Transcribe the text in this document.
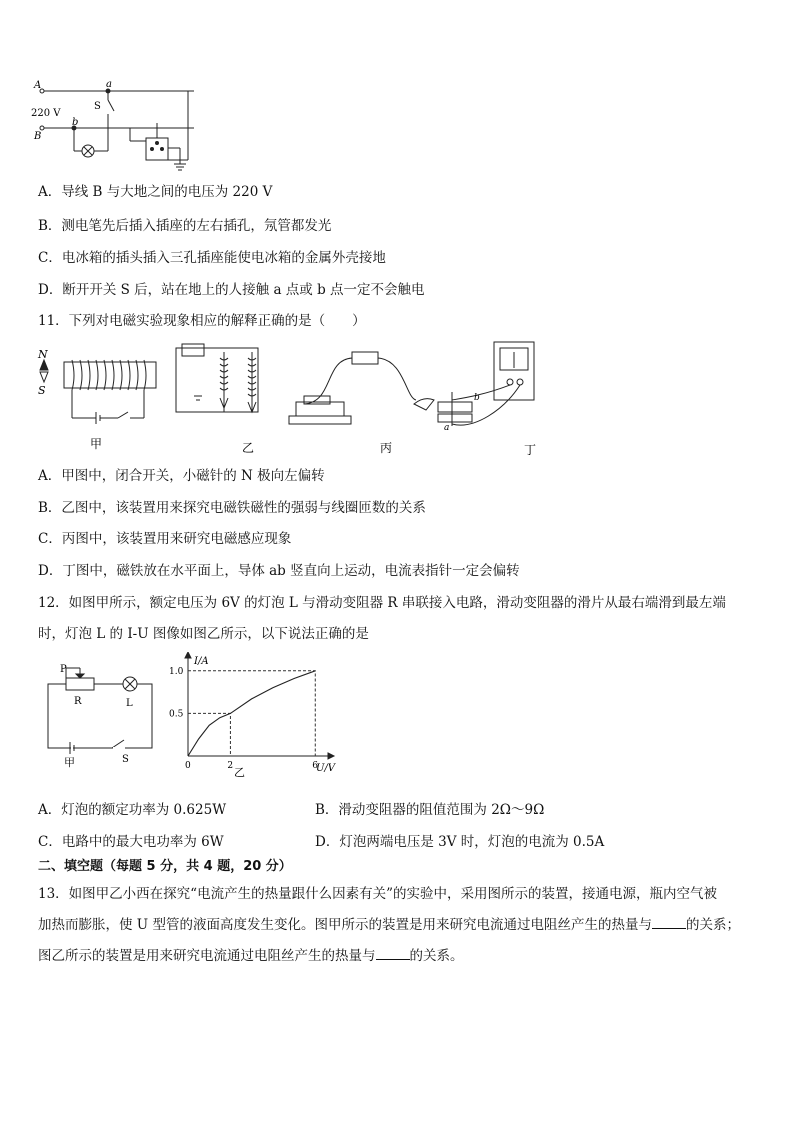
A
220 V
B
a
b
S
A．导线 B 与大地之间的电压为 220 V
B．测电笔先后插入插座的左右插孔，氖管都发光
C．电冰箱的插头插入三孔插座能使电冰箱的金属外壳接地
D．断开开关 S 后，站在地上的人接触 a 点或 b 点一定不会触电
11．下列对电磁实验现象相应的解释正确的是（　　）
N
S
b
a
甲	乙	丙	丁
A．甲图中，闭合开关，小磁针的 N 极向左偏转
B．乙图中，该装置用来探究电磁铁磁性的强弱与线圈匝数的关系
C．丙图中，该装置用来研究电磁感应现象
D．丁图中，磁铁放在水平面上，导体 ab 竖直向上运动，电流表指针一定会偏转
12．如图甲所示，额定电压为 6V 的灯泡 L 与滑动变阻器 R 串联接入电路，滑动变阻器的滑片从最右端滑到最左端
时，灯泡 L 的 I-U 图像如图乙所示，以下说法正确的是
P
R	L
S
甲	0	2	6
0.5
1.0
I/A
U/V
乙
A．灯泡的额定功率为 0.625W	B．滑动变阻器的阻值范围为 2Ω～9Ω
C．电路中的最大电功率为 6W	D．灯泡两端电压是 3V 时，灯泡的电流为 0.5A
二、填空题（每题 5 分，共 4 题，20 分）
13．如图甲乙小西在探究“电流产生的热量跟什么因素有关”的实验中，采用图所示的装置，接通电源，瓶内空气被
加热而膨胀，使 U 型管的液面高度发生变化。图甲所示的装置是用来研究电流通过电阻丝产生的热量与	的关系；
图乙所示的装置是用来研究电流通过电阻丝产生的热量与	的关系。
